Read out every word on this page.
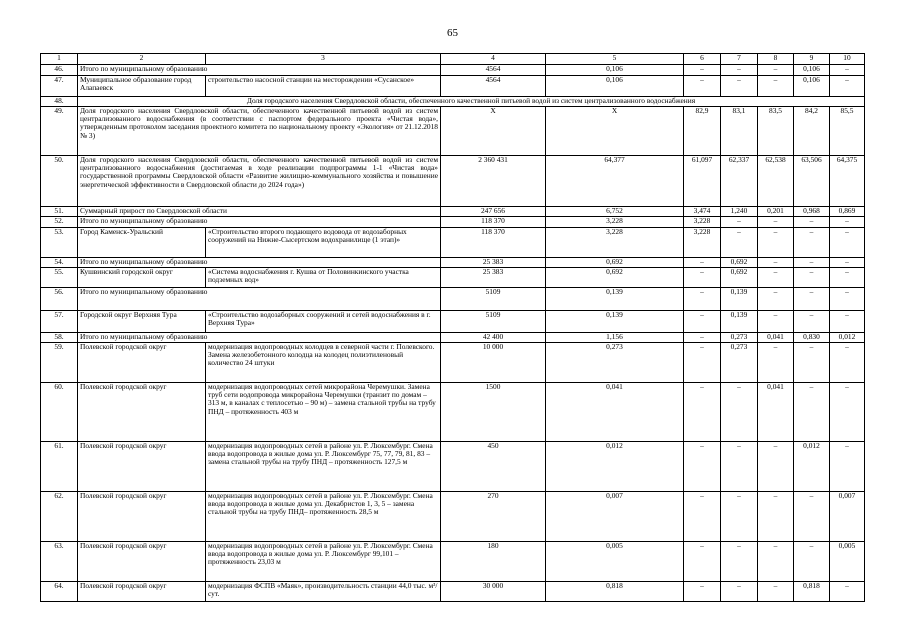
65
1	2	3	4	5	6	7	8	9	10
46.	Итого по муниципальному образованию		4564	0,106	–	–	–	0,106	–
47.	Муниципальное образование город Алапаевск	строительство насосной станции на месторождении «Сусанское»	4564	0,106	–	–	–	0,106	–
48.	Доля городского населения Свердловской области, обеспеченного качественной питьевой водой из систем централизованного водоснабжения								
49.	Доля городского населения Свердловской области, обеспеченного качественной питьевой водой из систем централизованного водоснабжения (в соответствии с паспортом федерального проекта «Чистая вода», утвержденным протоколом заседания проектного комитета по национальному проекту «Экология» от 21.12.2018 № 3)		Х	Х	82,9	83,1	83,5	84,2	85,5
50.	Доля городского населения Свердловской области, обеспеченного качественной питьевой водой из систем централизованного водоснабжения (достигаемая в ходе реализации подпрограммы 1-1 «Чистая вода» государственной программы Свердловской области «Развитие жилищно-коммунального хозяйства и повышение энергетической эффективности в Свердловской области до 2024 года»)		2 360 431	64,377	61,097	62,337	62,538	63,506	64,375
51.	Суммарный прирост по Свердловской области		247 656	6,752	3,474	1,240	0,201	0,968	0,869
52.	Итого по муниципальному образованию		118 370	3,228	3,228	–	–	–	–
53.	Город Каменск-Уральский	«Строительство второго подающего водовода от водозаборных сооружений на Нижне-Сысертском водохранилище (1 этап)»	118 370	3,228	3,228	–	–	–	–
54.	Итого по муниципальному образованию		25 383	0,692	–	0,692	–	–	–
55.	Кушвинский городской округ	«Система водоснабжения г. Кушва от Половинкинского участка подземных вод»	25 383	0,692	–	0,692	–	–	–
56.	Итого по муниципальному образованию		5109	0,139	–	0,139	–	–	–
57.	Городской округ Верхняя Тура	«Строительство водозаборных сооружений и сетей водоснабжения в г. Верхняя Тура»	5109	0,139	–	0,139	–	–	–
58.	Итого по муниципальному образованию		42 400	1,156	–	0,273	0,041	0,830	0,012
59.	Полевской городской округ	модернизация водопроводных колодцев в северной части г. Полевского. Замена железобетонного колодца на колодец полиэтиленовый количество 24 штуки	10 000	0,273	–	0,273	–	–	–
60.	Полевской городской округ	модернизация водопроводных сетей микрорайона Черемушки. Замена труб сети водопровода микрорайона Черемушки (транзит по домам – 313 м, в каналах с теплосетью – 90 м) – замена стальной трубы на трубу ПНД – протяженность 403 м	1500	0,041	–	–	0,041	–	–
61.	Полевской городской округ	модернизация водопроводных сетей в районе ул. Р. Люксембург. Смена ввода водопровода в жилые дома ул. Р. Люксембург 75, 77, 79, 81, 83 – замена стальной трубы на трубу ПНД – протяженность 127,5 м	450	0,012	–	–	–	0,012	–
62.	Полевской городской округ	модернизация водопроводных сетей в районе ул. Р. Люксембург. Смена ввода водопровода в жилые дома ул. Декабристов 1, 3, 5 – замена стальной трубы на трубу ПНД– протяженность 28,5 м	270	0,007	–	–	–	–	0,007
63.	Полевской городской округ	модернизация водопроводных сетей в районе ул. Р. Люксембург. Смена ввода водопровода в жилые дома ул. Р. Люксембург 99,101 – протяженность 23,03 м	180	0,005	–	–	–	–	0,005
64.	Полевской городской округ	модернизация ФСПВ «Маяк», производительность станции 44,0 тыс. м³/сут.	30 000	0,818	–	–	–	0,818	–
